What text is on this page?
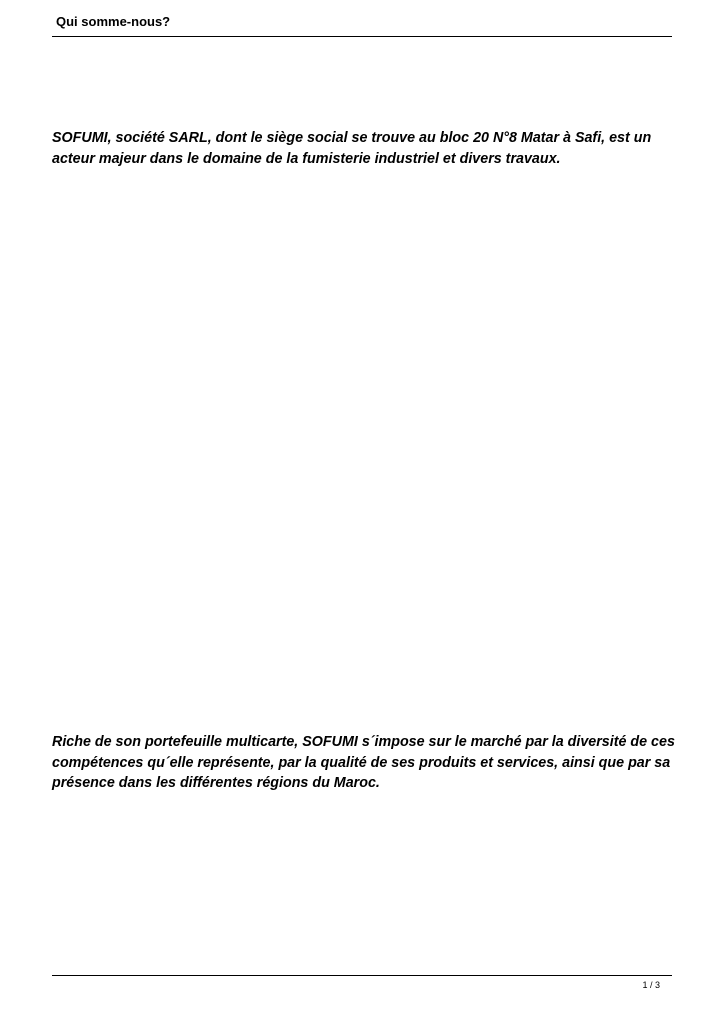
Qui somme-nous?

SOFUMI, société SARL, dont le siège social se trouve au bloc 20 N°8 Matar à Safi, est un acteur majeur dans le domaine de la fumisterie industriel et divers travaux.

Riche de son portefeuille multicarte, SOFUMI s´impose sur le marché par la diversité de ces compétences qu´elle représente, par la qualité de ses produits et services, ainsi que par sa présence dans les différentes régions du Maroc.

1 / 3
